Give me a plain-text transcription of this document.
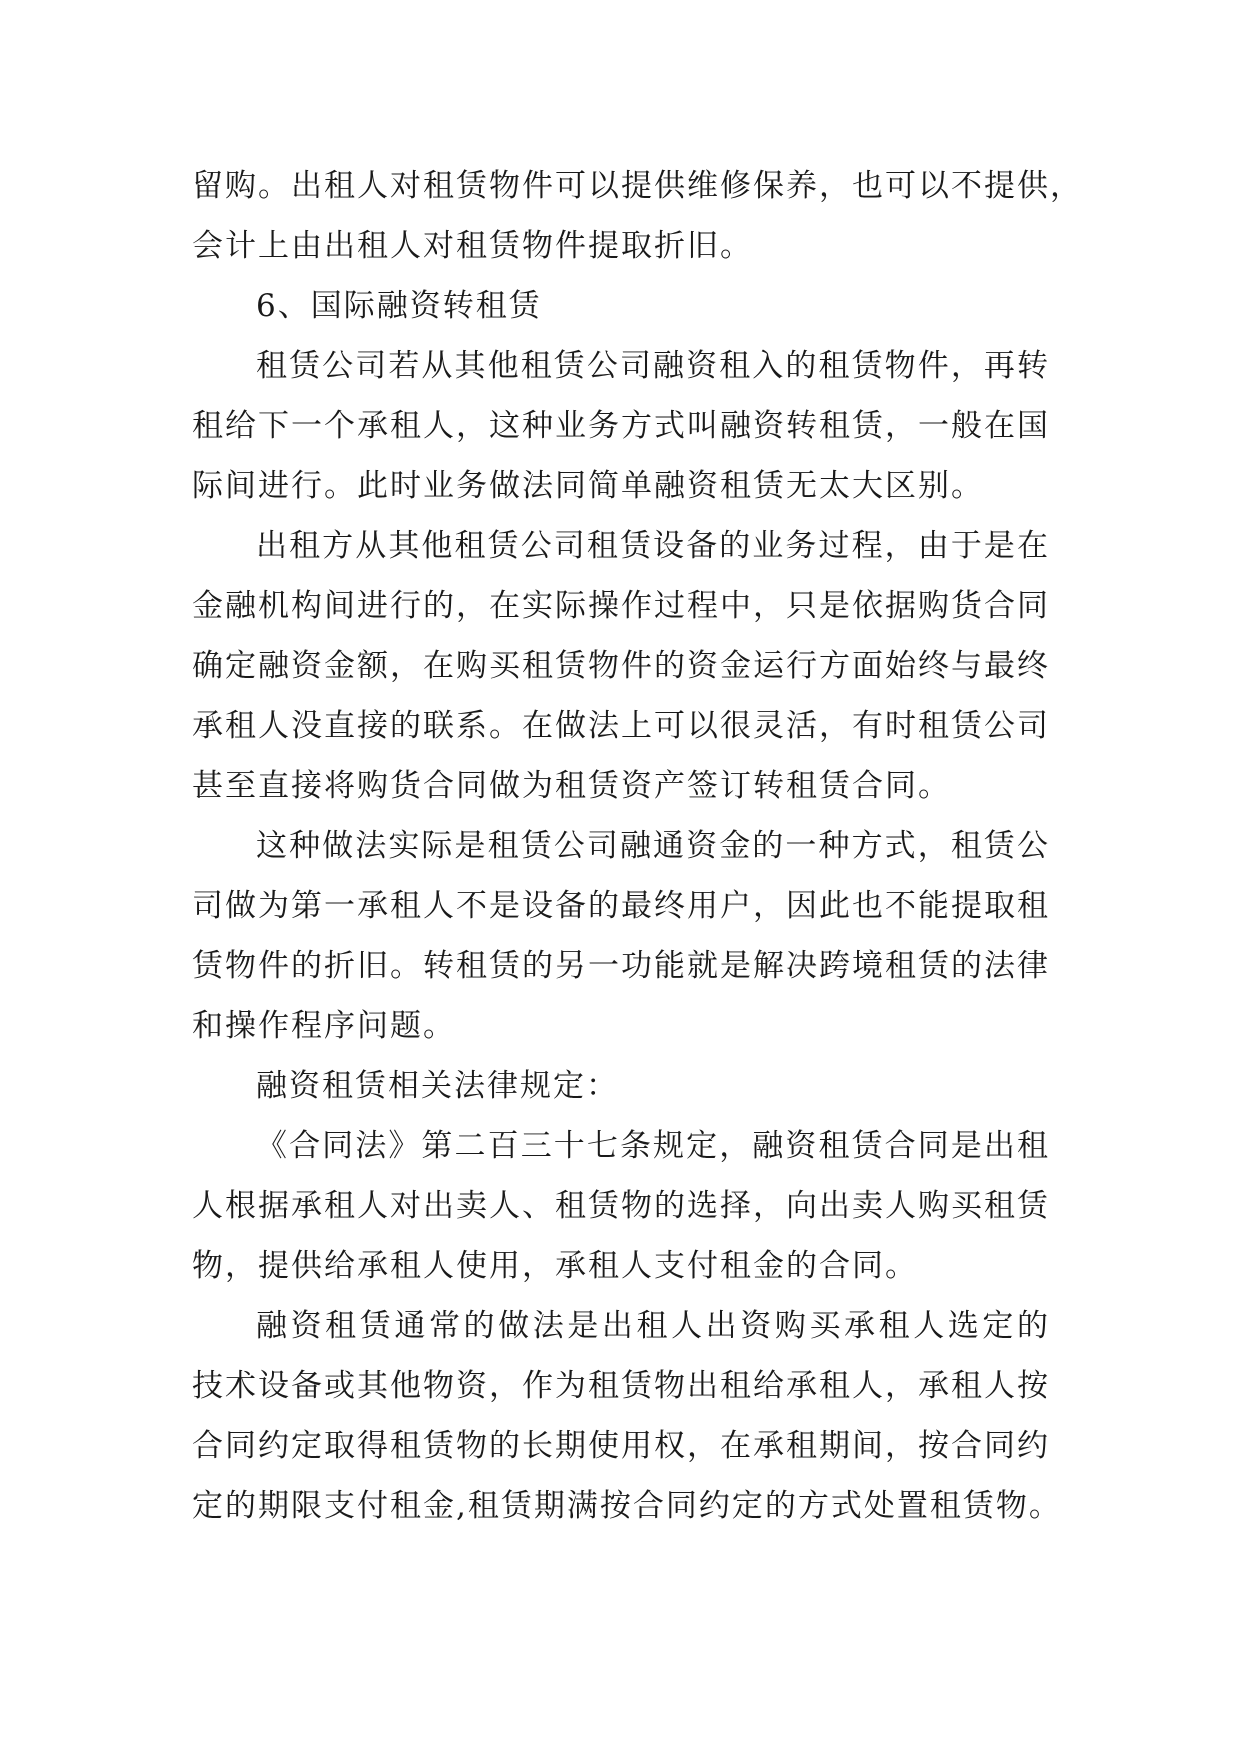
留购。出租人对租赁物件可以提供维修保养，也可以不提供，
会计上由出租人对租赁物件提取折旧。
6、国际融资转租赁
租赁公司若从其他租赁公司融资租入的租赁物件，再转
租给下一个承租人，这种业务方式叫融资转租赁，一般在国
际间进行。此时业务做法同简单融资租赁无太大区别。
出租方从其他租赁公司租赁设备的业务过程，由于是在
金融机构间进行的，在实际操作过程中，只是依据购货合同
确定融资金额，在购买租赁物件的资金运行方面始终与最终
承租人没直接的联系。在做法上可以很灵活，有时租赁公司
甚至直接将购货合同做为租赁资产签订转租赁合同。
这种做法实际是租赁公司融通资金的一种方式，租赁公
司做为第一承租人不是设备的最终用户，因此也不能提取租
赁物件的折旧。转租赁的另一功能就是解决跨境租赁的法律
和操作程序问题。
融资租赁相关法律规定：
《合同法》第二百三十七条规定，融资租赁合同是出租
人根据承租人对出卖人、租赁物的选择，向出卖人购买租赁
物，提供给承租人使用，承租人支付租金的合同。
融资租赁通常的做法是出租人出资购买承租人选定的
技术设备或其他物资，作为租赁物出租给承租人，承租人按
合同约定取得租赁物的长期使用权，在承租期间，按合同约
定的期限支付租金,租赁期满按合同约定的方式处置租赁物。
